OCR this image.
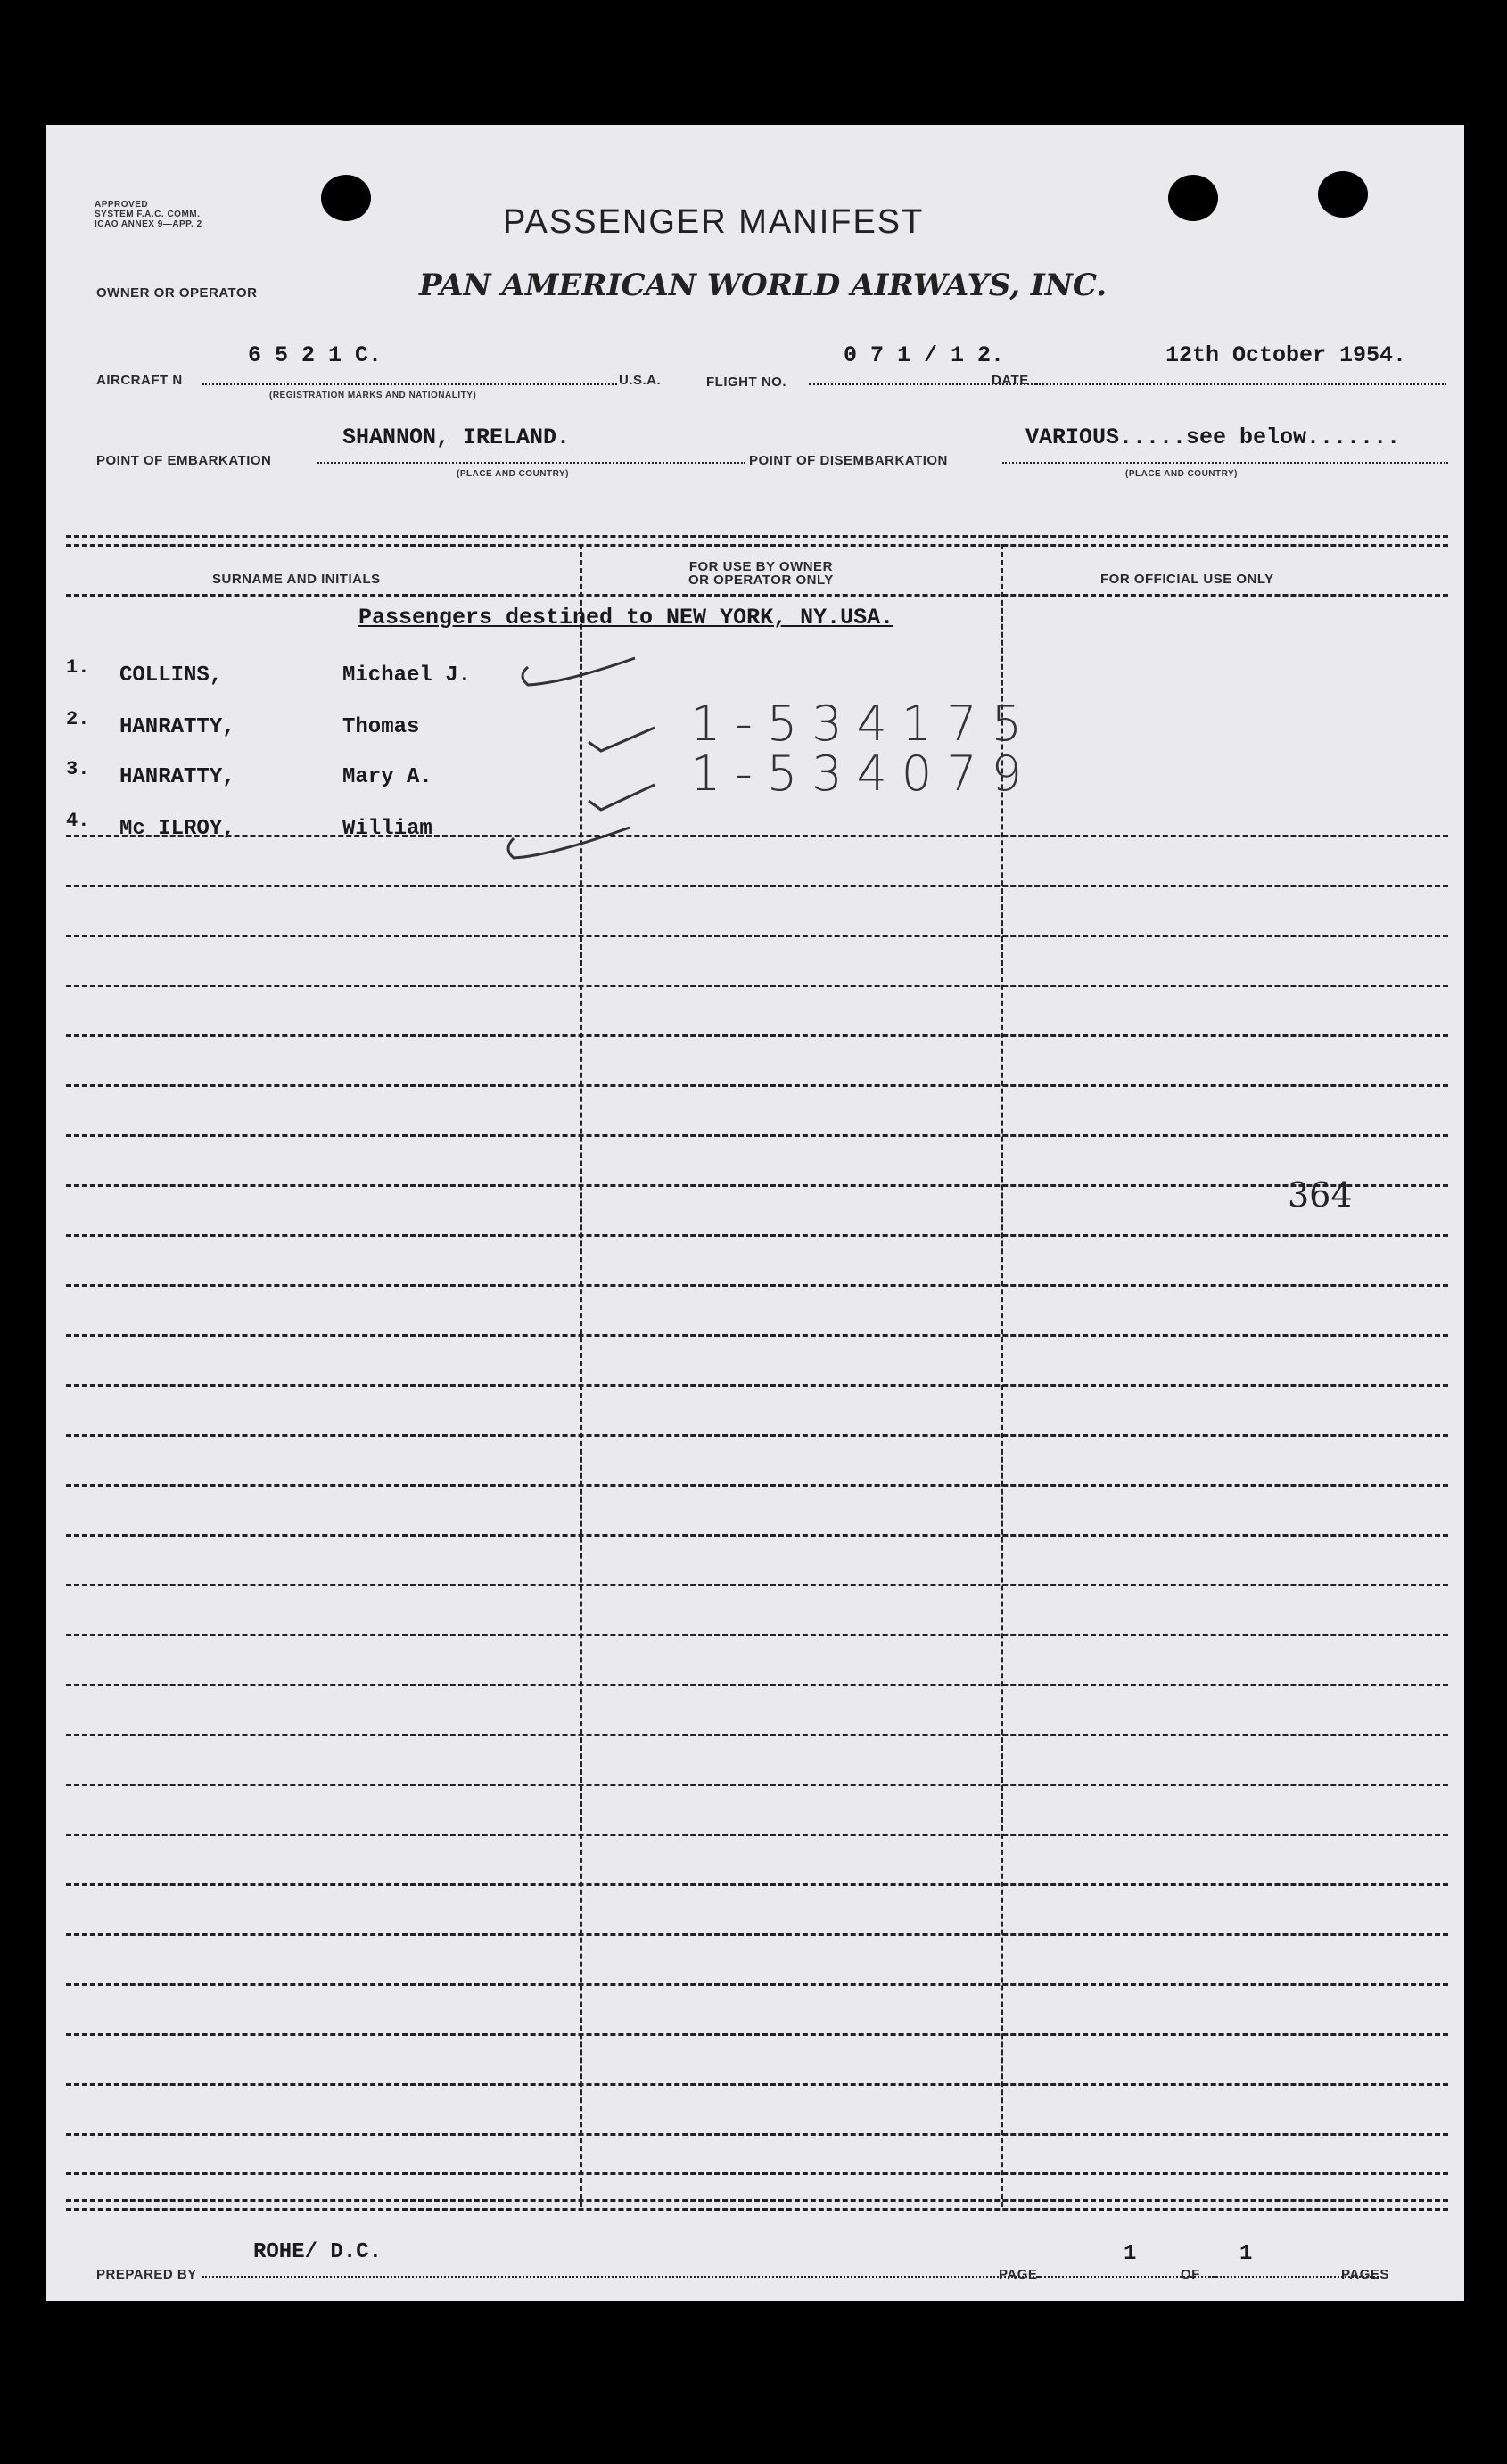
APPROVED
SYSTEM F.A.C. COMM.
ICAO ANNEX 9—APP. 2	PASSENGER MANIFEST
OWNER OR OPERATOR	PAN AMERICAN WORLD AIRWAYS, INC.
AIRCRAFT N
6 5 2 1 C.
(REGISTRATION MARKS AND NATIONALITY)
U.S.A.	FLIGHT NO.
0 7 1 / 1 2.
DATE
12th October 1954.
POINT OF EMBARKATION
SHANNON, IRELAND.
(PLACE AND COUNTRY)
POINT OF DISEMBARKATION
VARIOUS.....see below.......
(PLACE AND COUNTRY)
SURNAME AND INITIALS
FOR USE BY OWNER
OR OPERATOR ONLY	FOR OFFICIAL USE ONLY
Passengers destined to NEW YORK, NY.USA.
1. COLLINS,	Michael J.
2. HANRATTY,	Thomas	1-534175
3. HANRATTY,	Mary A.	1-534079
4. Mc ILROY,	William
364
PREPARED BY
ROHE/ D.C.
PAGE
1
OF
1
PAGES
